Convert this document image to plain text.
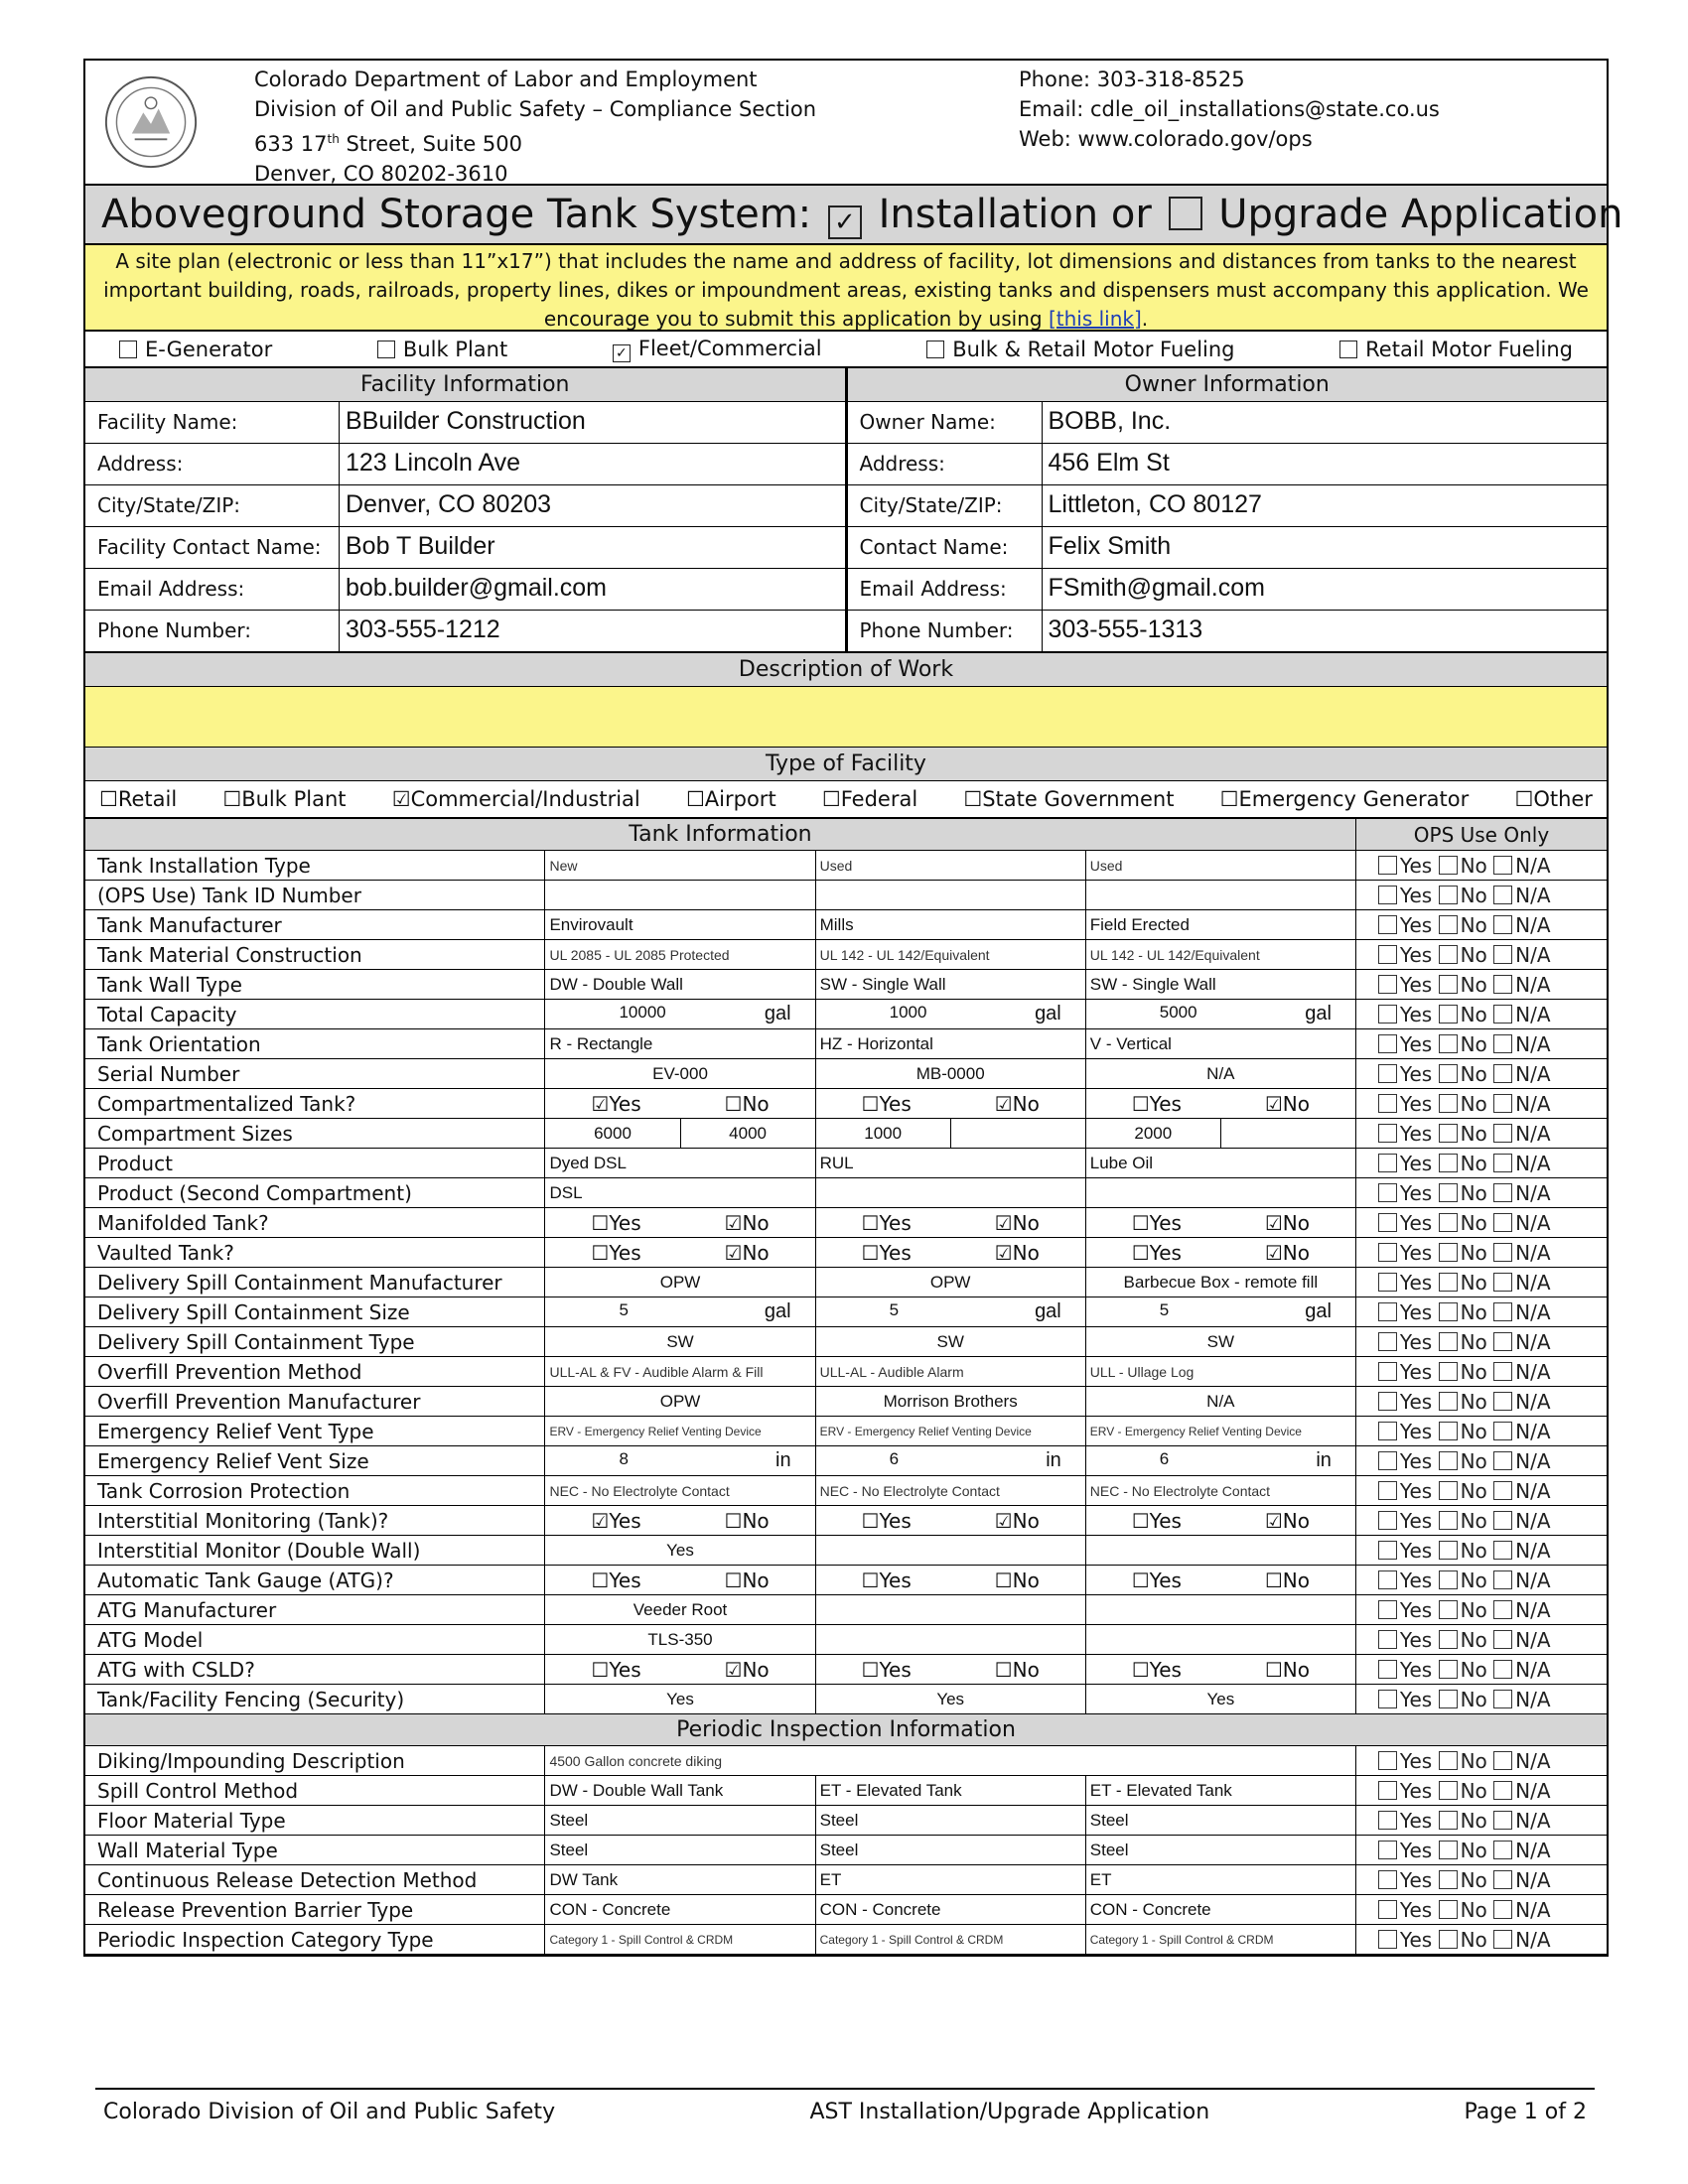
Colorado Department of Labor and Employment
Division of Oil and Public Safety – Compliance Section
633 17th Street, Suite 500
Denver, CO 80202-3610
Phone: 303-318-8525
Email: cdle_oil_installations@state.co.us
Web: www.colorado.gov/ops
Aboveground Storage Tank System: ✓ Installation or Upgrade Application
A site plan (electronic or less than 11”x17”) that includes the name and address of facility, lot dimensions and distances from tanks to the nearest important building, roads, railroads, property lines, dikes or impoundment areas, existing tanks and dispensers must accompany this application. We encourage you to submit this application by using [this link].
E-Generator	Bulk Plant	✓ Fleet/Commercial	Bulk & Retail Motor Fueling	Retail Motor Fueling
Facility Information
Facility Name:	BBuilder Construction
Address:	123 Lincoln Ave
City/State/ZIP:	Denver, CO 80203
Facility Contact Name: Bob T Builder
Email Address:	bob.builder@gmail.com
Phone Number:	303-555-1212
Owner Information
Owner Name:	BOBB, Inc.
Address:	456 Elm St
City/State/ZIP:	Littleton, CO 80127
Contact Name:	Felix Smith
Email Address:	FSmith@gmail.com
Phone Number:	303-555-1313
Description of Work
Type of Facility
☐Retail ☐Bulk Plant ☑Commercial/Industrial ☐Airport ☐Federal ☐State Government ☐Emergency Generator ☐Other
Tank Information				OPS Use Only
Tank Installation Type	New	Used	Used	Yes No N/A
(OPS Use) Tank ID Number				Yes No N/A
Tank Manufacturer	Envirovault	Mills	Field Erected	Yes No N/A
Tank Material Construction	UL 2085 - UL 2085 Protected	UL 142 - UL 142/Equivalent	UL 142 - UL 142/Equivalent	Yes No N/A
Tank Wall Type	DW - Double Wall	SW - Single Wall	SW - Single Wall	Yes No N/A
Total Capacity	10000 gal	1000 gal	5000 gal	Yes No N/A
Tank Orientation	R - Rectangle	HZ - Horizontal	V - Vertical	Yes No N/A
Serial Number	EV-000	MB-0000	N/A	Yes No N/A
Compartmentalized Tank?	☑Yes ☐No	☐Yes ☑No	☐Yes ☑No	Yes No N/A
Compartment Sizes	6000 4000	1000	2000	Yes No N/A
Product	Dyed DSL	RUL	Lube Oil	Yes No N/A
Product (Second Compartment)	DSL			Yes No N/A
Manifolded Tank?	☐Yes ☑No	☐Yes ☑No	☐Yes ☑No	Yes No N/A
Vaulted Tank?	☐Yes ☑No	☐Yes ☑No	☐Yes ☑No	Yes No N/A
Delivery Spill Containment Manufacturer	OPW	OPW	Barbecue Box - remote fill	Yes No N/A
Delivery Spill Containment Size	5 gal	5 gal	5 gal	Yes No N/A
Delivery Spill Containment Type	SW	SW	SW	Yes No N/A
Overfill Prevention Method	ULL-AL & FV - Audible Alarm & Fill	ULL-AL - Audible Alarm	ULL - Ullage Log	Yes No N/A
Overfill Prevention Manufacturer	OPW	Morrison Brothers	N/A	Yes No N/A
Emergency Relief Vent Type	ERV - Emergency Relief Venting Device	ERV - Emergency Relief Venting Device	ERV - Emergency Relief Venting Device	Yes No N/A
Emergency Relief Vent Size	8 in	6 in	6 in	Yes No N/A
Tank Corrosion Protection	NEC - No Electrolyte Contact	NEC - No Electrolyte Contact	NEC - No Electrolyte Contact	Yes No N/A
Interstitial Monitoring (Tank)?	☑Yes ☐No	☐Yes ☑No	☐Yes ☑No	Yes No N/A
Interstitial Monitor (Double Wall)	Yes			Yes No N/A
Automatic Tank Gauge (ATG)?	☐Yes ☐No	☐Yes ☐No	☐Yes ☐No	Yes No N/A
ATG Manufacturer	Veeder Root			Yes No N/A
ATG Model	TLS-350			Yes No N/A
ATG with CSLD?	☐Yes ☑No	☐Yes ☐No	☐Yes ☐No	Yes No N/A
Tank/Facility Fencing (Security)	Yes	Yes	Yes	Yes No N/A
Periodic Inspection Information				
Diking/Impounding Description	4500 Gallon concrete diking			Yes No N/A
Spill Control Method	DW - Double Wall Tank	ET - Elevated Tank	ET - Elevated Tank	Yes No N/A
Floor Material Type	Steel	Steel	Steel	Yes No N/A
Wall Material Type	Steel	Steel	Steel	Yes No N/A
Continuous Release Detection Method	DW Tank	ET	ET	Yes No N/A
Release Prevention Barrier Type	CON - Concrete	CON - Concrete	CON - Concrete	Yes No N/A
Periodic Inspection Category Type	Category 1 - Spill Control & CRDM	Category 1 - Spill Control & CRDM	Category 1 - Spill Control & CRDM	Yes No N/A
Colorado Division of Oil and Public Safety	AST Installation/Upgrade Application	Page 1 of 2
